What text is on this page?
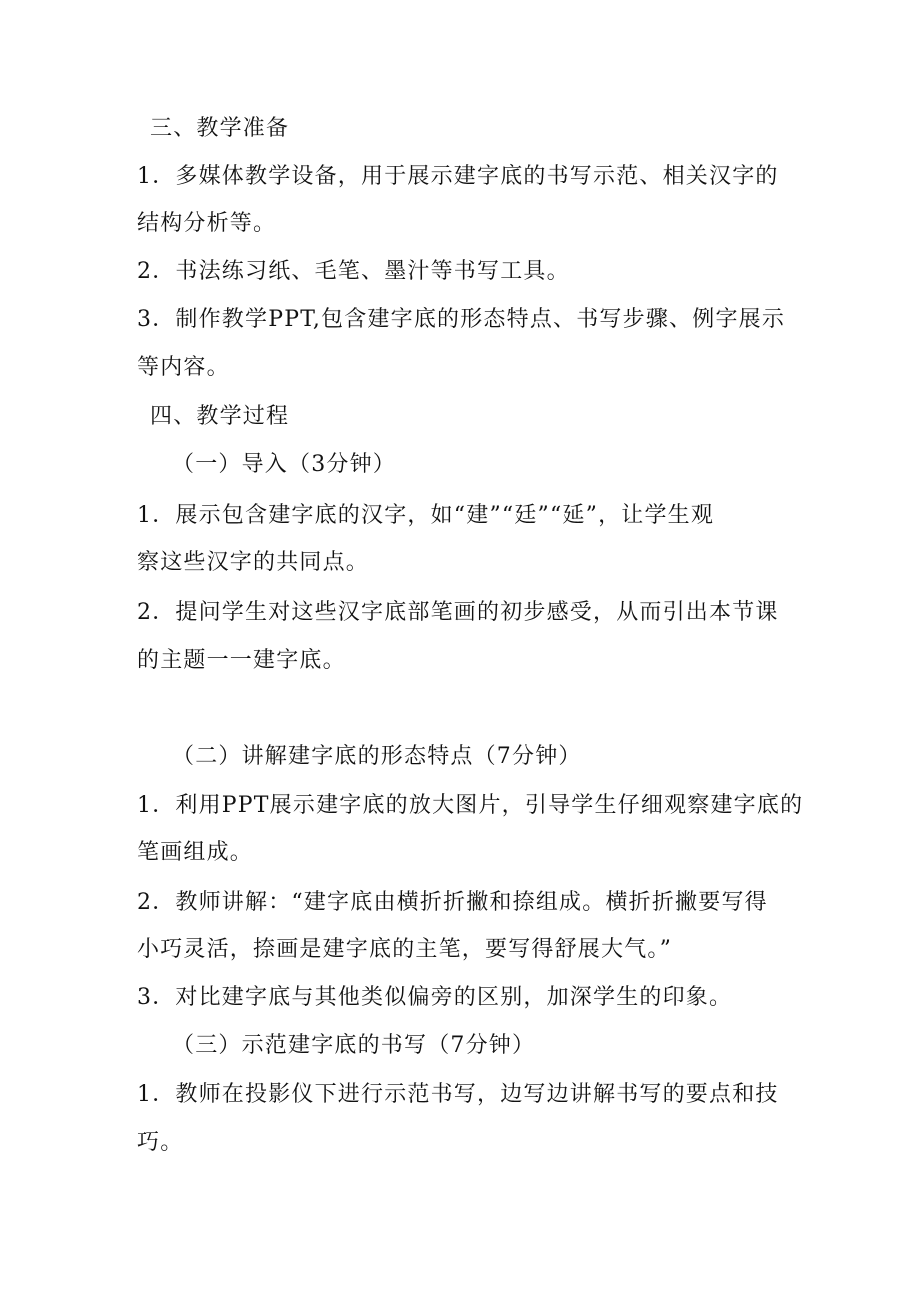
三、教学准备
1．多媒体教学设备，用于展示建字底的书写示范、相关汉字的
结构分析等。
2．书法练习纸、毛笔、墨汁等书写工具。
3．制作教学PPT,包含建字底的形态特点、书写步骤、例字展示
等内容。
四、教学过程
（一）导入（3分钟）
1．展示包含建字底的汉字，如“建”“廷”“延”，让学生观
察这些汉字的共同点。
2．提问学生对这些汉字底部笔画的初步感受，从而引出本节课
的主题一一建字底。
（二）讲解建字底的形态特点（7分钟）
1．利用PPT展示建字底的放大图片，引导学生仔细观察建字底的
笔画组成。
2．教师讲解：“建字底由横折折撇和捺组成。横折折撇要写得
小巧灵活，捺画是建字底的主笔，要写得舒展大气。”
3．对比建字底与其他类似偏旁的区别，加深学生的印象。
（三）示范建字底的书写（7分钟）
1．教师在投影仪下进行示范书写，边写边讲解书写的要点和技
巧。
